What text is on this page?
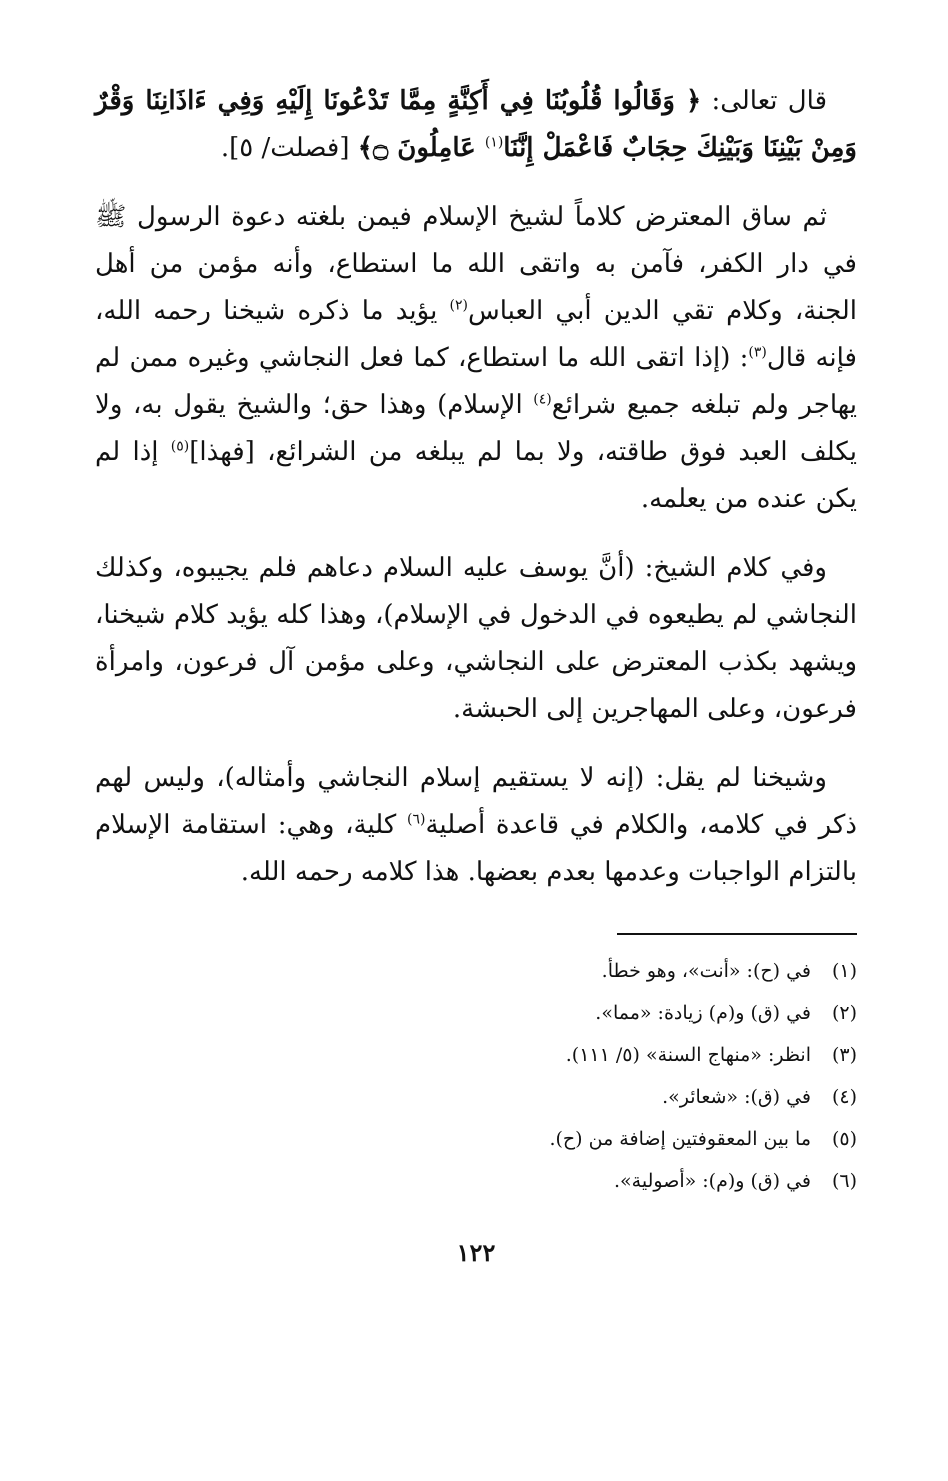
قال تعالى: ﴿ وَقَالُوا قُلُوبُنَا فِي أَكِنَّةٍ مِمَّا تَدْعُونَا إِلَيْهِ وَفِي ءَاذَانِنَا وَقْرٌ وَمِنْ بَيْنِنَا وَبَيْنِكَ حِجَابٌ فَاعْمَلْ إِنَّنَا$^{(١)}$ عَامِلُونَ ۝﴾ [فصلت/ ٥].

ثم ساق المعترض كلاماً لشيخ الإسلام فيمن بلغته دعوة الرسول ﷺ في دار الكفر، فآمن به واتقى الله ما استطاع، وأنه مؤمن من أهل الجنة، وكلام تقي الدين أبي العباس$^{(٢)}$ يؤيد ما ذكره شيخنا رحمه الله، فإنه قال$^{(٣)}$: (إذا اتقى الله ما استطاع، كما فعل النجاشي وغيره ممن لم يهاجر ولم تبلغه جميع شرائع$^{(٤)}$ الإسلام) وهذا حق؛ والشيخ يقول به، ولا يكلف العبد فوق طاقته، ولا بما لم يبلغه من الشرائع، [فهذا]$^{(٥)}$ إذا لم يكن عنده من يعلمه.

وفي كلام الشيخ: (أنَّ يوسف عليه السلام دعاهم فلم يجيبوه، وكذلك النجاشي لم يطيعوه في الدخول في الإسلام)، وهذا كله يؤيد كلام شيخنا، ويشهد بكذب المعترض على النجاشي، وعلى مؤمن آل فرعون، وامرأة فرعون، وعلى المهاجرين إلى الحبشة.

وشيخنا لم يقل: (إنه لا يستقيم إسلام النجاشي وأمثاله)، وليس لهم ذكر في كلامه، والكلام في قاعدة أصلية$^{(٦)}$ كلية، وهي: استقامة الإسلام بالتزام الواجبات وعدمها بعدم بعضها. هذا كلامه رحمه الله.

(١)
في (ح): «أنت»، وهو خطأ.
(٢)
في (ق) و(م) زيادة: «مما».
(٣)
انظر: «منهاج السنة» (٥/ ١١١).
(٤)
في (ق): «شعائر».
(٥)
ما بين المعقوفتين إضافة من (ح).
(٦)
في (ق) و(م): «أصولية».
١٢٢
